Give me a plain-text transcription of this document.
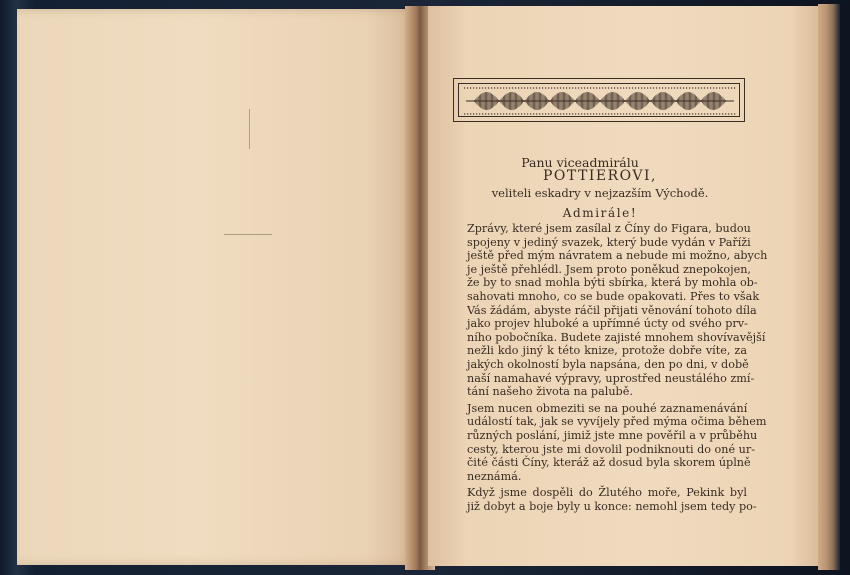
Panu viceadmirálu
POTTIEROVI,
veliteli eskadry v nejzazším Východě.
Admirále!

Zprávy, které jsem zasílal z Číny do Figara, budou
spojeny v jediný svazek, který bude vydán v Paříži
ještě před mým návratem a nebude mi možno, abych
je ještě přehlédl. Jsem proto poněkud znepokojen,
že by to snad mohla býti sbírka, která by mohla ob-
sahovati mnoho, co se bude opakovati. Přes to však
Vás žádám, abyste ráčil přijati věnování tohoto díla
jako projev hluboké a upřímné úcty od svého prv-
ního pobočníka. Budete zajisté mnohem shovívavější
nežli kdo jiný k této knize, protože dobře víte, za
jakých okolností byla napsána, den po dni, v době
naší namahavé výpravy, uprostřed neustálého zmí-
tání našeho života na palubě.

Jsem nucen obmeziti se na pouhé zaznamenávání
událostí tak, jak se vyvíjely před mýma očima během
různých poslání, jimiž jste mne pověřil a v průběhu
cesty, kterou jste mi dovolil podniknouti do oné ur-
čité části Číny, kteráž až dosud byla skorem úplně
neznámá.

Když jsme dospěli do Žlutého moře, Pekink byl
již dobyt a boje byly u konce: nemohl jsem tedy po-
